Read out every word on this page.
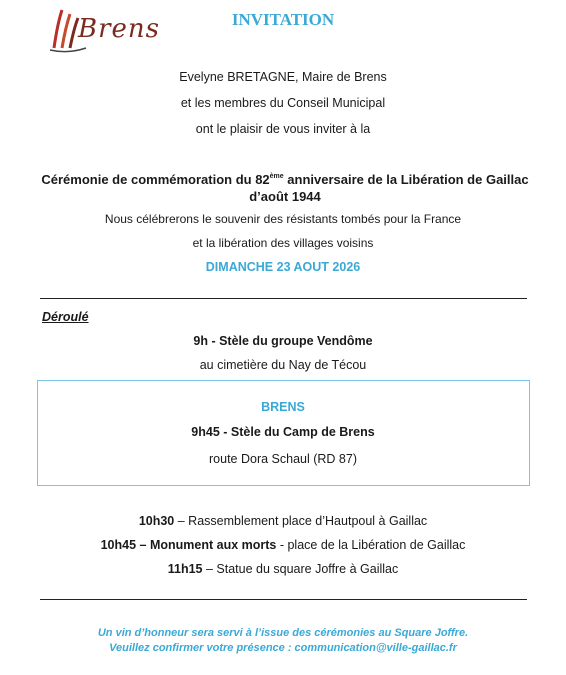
Brens	INVITATION
Evelyne BRETAGNE, Maire de Brens
et les membres du Conseil Municipal
ont le plaisir de vous inviter à la
Cérémonie de commémoration du 82ème anniversaire de la Libération de Gaillac d’août 1944
Nous célébrerons le souvenir des résistants tombés pour la France
et la libération des villages voisins
DIMANCHE 23 AOUT 2026
Déroulé
9h - Stèle du groupe Vendôme
au cimetière du Nay de Técou
BRENS
9h45 - Stèle du Camp de Brens
route Dora Schaul (RD 87)
10h30 – Rassemblement place d’Hautpoul à Gaillac
10h45 – Monument aux morts - place de la Libération de Gaillac
11h15 – Statue du square Joffre à Gaillac
Un vin d’honneur sera servi à l’issue des cérémonies au Square Joffre.
Veuillez confirmer votre présence : communication@ville-gaillac.fr
